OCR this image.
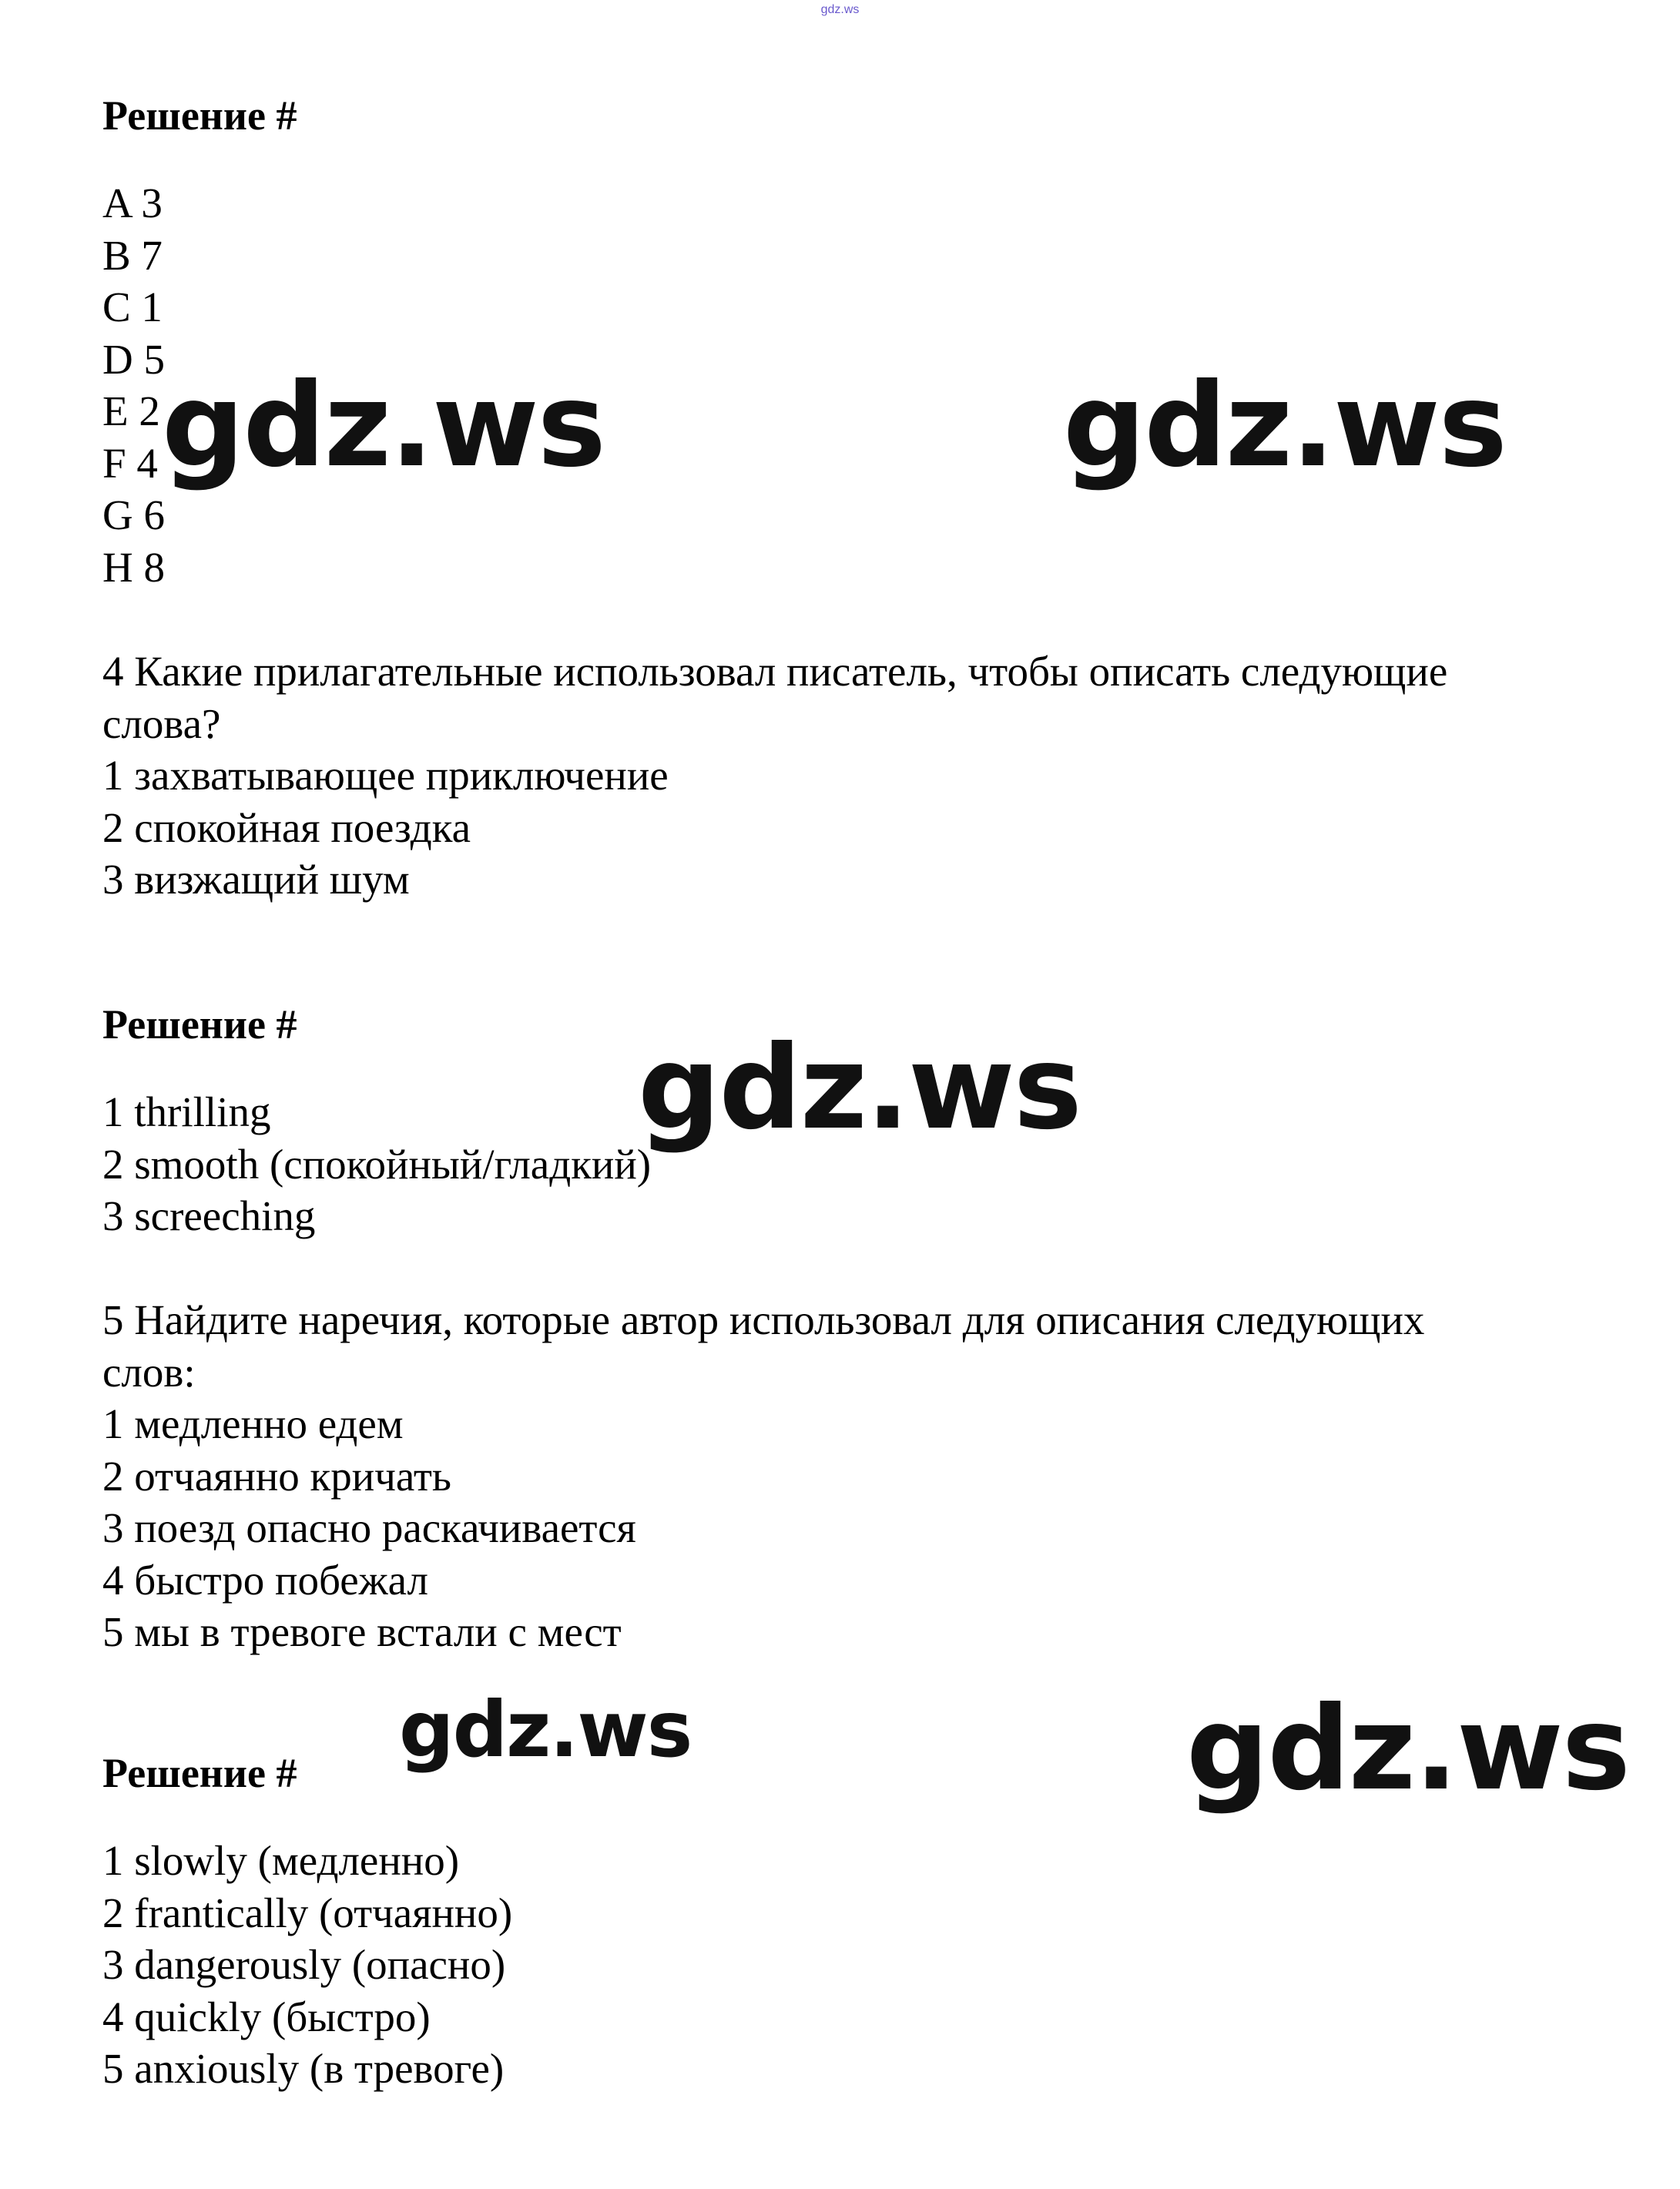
gdz.ws
Решение #
A 3
B 7
C 1
D 5
E 2
F 4
G 6
H 8
4 Какие прилагательные использовал писатель, чтобы описать следующие
слова?
1 захватывающее приключение
2 спокойная поездка
3 визжащий шум
Решение #
1 thrilling
2 smooth (спокойный/гладкий)
3 screeching
5 Найдите наречия, которые автор использовал для описания следующих
слов:
1 медленно едем
2 отчаянно кричать
3 поезд опасно раскачивается
4 быстро побежал
5 мы в тревоге встали с мест
Решение #
1 slowly (медленно)
2 frantically (отчаянно)
3 dangerously (опасно)
4 quickly (быстро)
5 anxiously (в тревоге)
gdz.ws	gdz.ws
gdz.ws
gdz.ws	gdz.ws
